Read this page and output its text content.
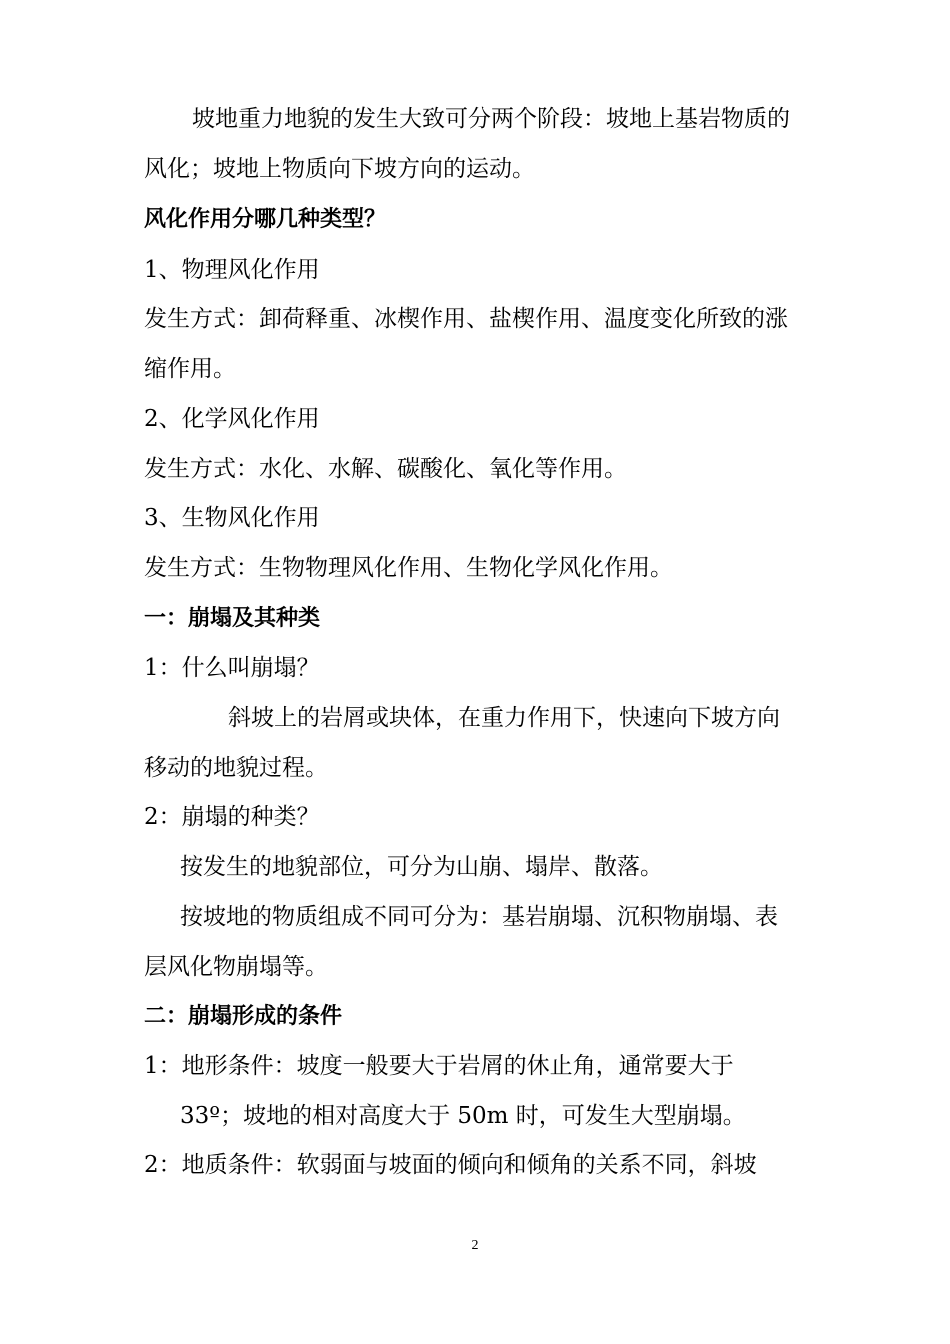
坡地重力地貌的发生大致可分两个阶段：坡地上基岩物质的

风化；坡地上物质向下坡方向的运动。

风化作用分哪几种类型？

1、物理风化作用

发生方式：卸荷释重、冰楔作用、盐楔作用、温度变化所致的涨

缩作用。

2、化学风化作用

发生方式：水化、水解、碳酸化、氧化等作用。

3、生物风化作用

发生方式：生物物理风化作用、生物化学风化作用。

一：崩塌及其种类

1：什么叫崩塌？

斜坡上的岩屑或块体，在重力作用下，快速向下坡方向

移动的地貌过程。

2：崩塌的种类？

按发生的地貌部位，可分为山崩、塌岸、散落。

按坡地的物质组成不同可分为：基岩崩塌、沉积物崩塌、表

层风化物崩塌等。

二：崩塌形成的条件

1：地形条件：坡度一般要大于岩屑的休止角，通常要大于

33º；坡地的相对高度大于 50m 时，可发生大型崩塌。

2：地质条件：软弱面与坡面的倾向和倾角的关系不同，斜坡

2
